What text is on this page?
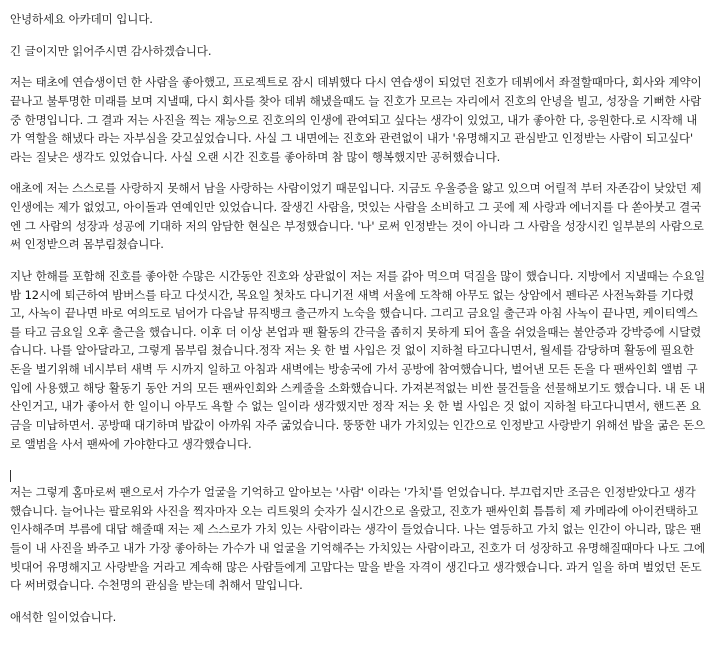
안녕하세요 아카데미 입니다.

긴 글이지만 읽어주시면 감사하겠습니다.

저는 태초에 연습생이던 한 사람을 좋아했고, 프로젝트로 잠시 데뷔했다 다시 연습생이 되었던 진호가 데뷔에서 좌절할때마다, 회사와 계약이 끝나고 불투명한 미래를 보며 지낼때, 다시 회사를 찾아 데뷔 해냈을때도 늘 진호가 모르는 자리에서 진호의 안녕을 빌고, 성장을 기뻐한 사람 중 한명입니다. 그 결과 저는 사진을 찍는 재능으로 진호의의 인생에 관여되고 싶다는 생각이 있었고, 내가 좋아한 다, 응원한다.로 시작해 내가 역할을 해냈다 라는 자부심을 갖고싶었습니다. 사실 그 내면에는 진호와 관련없이 내가 '유명해지고 관심받고 인정받는 사람이 되고싶다' 라는 질낮은 생각도 있었습니다. 사실 오랜 시간 진호를 좋아하며 참 많이 행복했지만 공허했습니다.

애초에 저는 스스로를 사랑하지 못해서 남을 사랑하는 사람이었기 때문입니다. 지금도 우울증을 앓고 있으며 어릴적 부터 자존감이 낮았던 제 인생에는 제가 없었고, 아이돌과 연예인만 있었습니다. 잘생긴 사람을, 멋있는 사람을 소비하고 그 곳에 제 사랑과 에너지를 다 쏟아붓고 결국엔 그 사람의 성장과 성공에 기대하 저의 암담한 현실은 부정했습니다. '나' 로써 인정받는 것이 아니라 그 사람을 성장시킨 일부분의 사람으로써 인정받으려 몸부림쳤습니다.

지난 한해를 포함해 진호를 좋아한 수많은 시간동안 진호와 상관없이 저는 저를 갉아 먹으며 덕질을 많이 했습니다. 지방에서 지낼때는 수요일 밤 12시에 퇴근하여 밤버스를 타고 다섯시간, 목요일 첫차도 다니기전 새벽 서울에 도착해 아무도 없는 상암에서 펜타곤 사전녹화를 기다렸고, 사녹이 끝나면 바로 여의도로 넘어가 다음날 뮤직뱅크 출근까지 노숙을 했습니다. 그리고 금요일 출근과 아침 사녹이 끝나면, 케이티엑스를 타고 금요일 오후 출근을 했습니다. 이후 더 이상 본업과 팬 활동의 간극을 좁히지 못하게 되어 홀을 쉬었을때는 불안증과 강박증에 시달렸습니다. 나를 알아달라고, 그렇게 몸부림 쳤습니다.정작 저는 옷 한 벌 사입은 것 없이 지하철 타고다니면서, 월세를 감당하며 활동에 필요한 돈을 벌기위해 네시부터 새벽 두 시까지 일하고 아침과 새벽에는 방송국에 가서 공방에 참여했습니다, 벌어낸 모든 돈을 다 팬싸인회 앨범 구입에 사용했고 해당 활동기 동안 거의 모든 팬싸인회와 스케줄을 소화했습니다. 가져본적없는 비싼 물건들을 선물해보기도 했습니다. 내 돈 내산인거고, 내가 좋아서 한 일이니 아무도 욕할 수 없는 일이라 생각했지만 정작 저는 옷 한 벌 사입은 것 없이 지하철 타고다니면서, 핸드폰 요금을 미납하면서. 공방때 대기하며 밥값이 아까워 자주 굶었습니다. 뚱뚱한 내가 가치있는 인간으로 인정받고 사랑받기 위해선 밥을 굶은 돈으로 앨범을 사서 팬싸에 가야한다고 생각했습니다.

저는 그렇게 홈마로써 팬으로서 가수가 얼굴을 기억하고 알아보는 '사람' 이라는 '가치'를 얻었습니다. 부끄럽지만 조금은 인정받았다고 생각했습니다. 늘어나는 팔로워와 사진을 찍자마자 오는 리트윗의 숫자가 실시간으로 올랐고, 진호가 팬싸인회 틈틈히 제 카메라에 아이컨택하고 인사해주며 부름에 대답 해줄때 저는 제 스스로가 가치 있는 사람이라는 생각이 들었습니다. 나는 열등하고 가치 없는 인간이 아니라, 많은 팬들이 내 사진을 봐주고 내가 가장 좋아하는 가수가 내 얼굴을 기억해주는 가치있는 사람이라고, 진호가 더 성장하고 유명해질때마다 나도 그에 빗대어 유명해지고 사랑받을 거라고 계속해 많은 사람들에게 고맙다는 말을 받을 자격이 생긴다고 생각했습니다. 과거 일을 하며 벌었던 돈도 다 써버렸습니다. 수천명의 관심을 받는데 취해서 말입니다.

애석한 일이었습니다.
